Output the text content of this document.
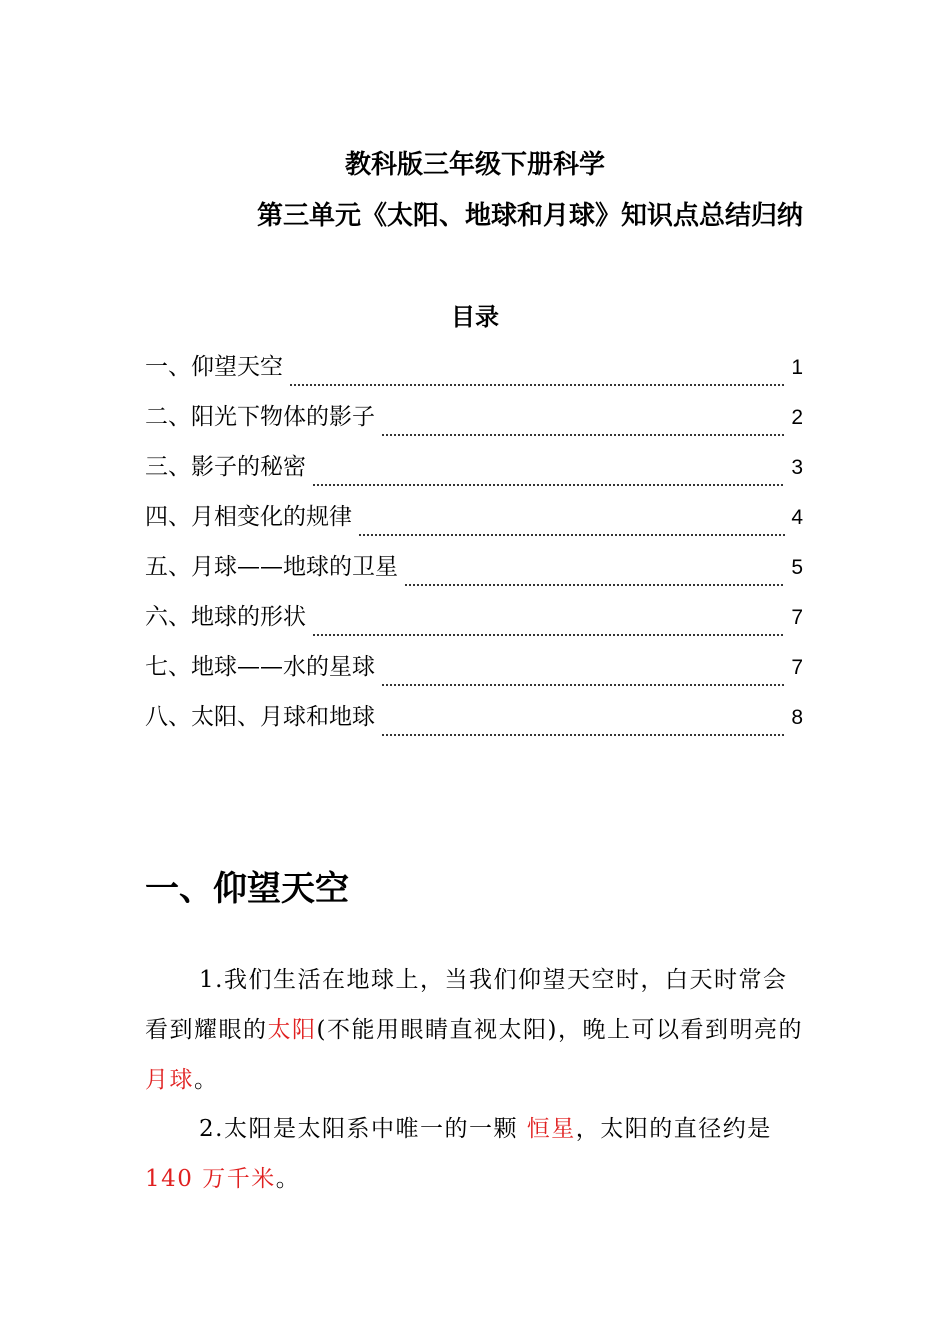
教科版三年级下册科学
第三单元《太阳、地球和月球》知识点总结归纳
目录
一、仰望天空	1
二、阳光下物体的影子	2
三、影子的秘密	3
四、月相变化的规律	4
五、月球——地球的卫星	5
六、地球的形状	7
七、地球——水的星球	7
八、太阳、月球和地球	8
一、仰望天空

1.我们生活在地球上，当我们仰望天空时，白天时常会看到耀眼的太阳(不能用眼睛直视太阳)，晚上可以看到明亮的月球。

2.太阳是太阳系中唯一的一颗 恒星，太阳的直径约是140 万千米。
